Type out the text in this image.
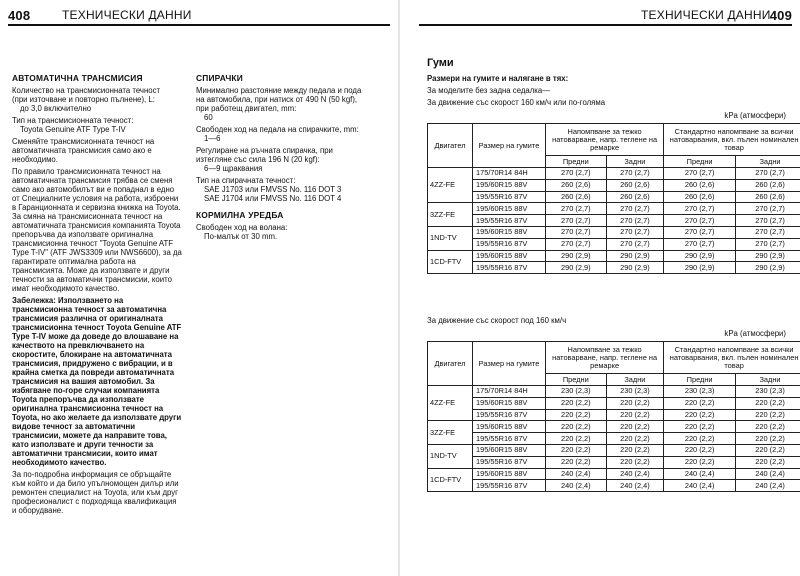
408	ТЕХНИЧЕСКИ ДАННИ
АВТОМАТИЧНА ТРАНСМИСИЯ

Количество на трансмисионната течност
(при източване и повторно пълнене), L:
до 3,0 включително

Тип на трансмисионната течност:
Toyota Genuine ATF Type T-IV

Сменяйте трансмисионната течност на автоматичната трансмисия само ако е необходимо.

По правило трансмисионната течност на автоматичната трансмисия трябва се сменя само ако автомобилът ви е попаднал в едно от Специалните условия на работа, изброени в Гаранционната и сервизна книжка на Toyota. За смяна на трансмисионната течност на автоматичната трансмисия компанията Toyota препоръчва да използвате оригинална трансмисионна течност "Toyota Genuine ATF Type T-IV" (ATF JWS3309 или NWS6600), за да гарантирате оптимална работа на трансмисията. Може да използвате и други течности за автоматични трансмисии, които имат необходимото качество.

Забележка: Използването на трансмисионна течност за автоматична трансмисия различна от оригиналната трансмисионна течност Toyota Genuine ATF Type T-IV може да доведе до влошаване на качеството на превключването на скоростите, блокиране на автоматичната трансмисия, придружено с вибрации, и в крайна сметка да повреди автоматичната трансмисия на вашия автомобил. За избягване по-горе случаи компанията Toyota препоръчва да използвате оригинална трансмисионна течност на Toyota, но ако желаете да използвате други видове течност за автоматични трансмисии, можете да направите това, като използвате и други течности за автоматични трансмисии, които имат необходимото качество.

За по-подробна информация се обръщайте към който и да било упълномощен дилър или ремонтен специалист на Toyota, или към друг професионалист с подходяща квалификация и оборудване.

СПИРАЧКИ

Минимално разстояние между педала и пода на автомобила, при натиск от 490 N (50 kgf), при работещ двигател, mm:
60

Свободен ход на педала на спирачките, mm:
1—6

Регулиране на ръчната спирачка, при изтегляне със сила 196 N (20 kgf):
6—9 щраквания

Тип на спирачната течност:
SAE J1703 или FMVSS No. 116 DOT 3
SAE J1704 или FMVSS No. 116 DOT 4

КОРМИЛНА УРЕДБА

Свободен ход на волана:
По-малък от 30 mm.

ТЕХНИЧЕСКИ ДАННИ 409
Гуми
Размери на гумите и налягане в тях:
За моделите без задна седалка—
За движение със скорост 160 км/ч или по-голяма
kPa (атмосфери)
Двигател	Размер на гумите	Напомпване за тежко натоварване, напр. теглене на ремарке		Стандартно напомпване за всички натоварвания, вкл. пълен номинален товар	
		Предни	Задни	Предни	Задни
4ZZ-FE	175/70R14 84H	270 (2,7)	270 (2,7)	270 (2,7)	270 (2,7)
	195/60R15 88V	260 (2,6)	260 (2,6)	260 (2,6)	260 (2,6)
	195/55R16 87V	260 (2,6)	260 (2,6)	260 (2,6)	260 (2,6)
3ZZ-FE	195/60R15 88V	270 (2,7)	270 (2,7)	270 (2,7)	270 (2,7)
	195/55R16 87V	270 (2,7)	270 (2,7)	270 (2,7)	270 (2,7)
1ND-TV	195/60R15 88V	270 (2,7)	270 (2,7)	270 (2,7)	270 (2,7)
	195/55R16 87V	270 (2,7)	270 (2,7)	270 (2,7)	270 (2,7)
1CD-FTV	195/60R15 88V	290 (2,9)	290 (2,9)	290 (2,9)	290 (2,9)
	195/55R16 87V	290 (2,9)	290 (2,9)	290 (2,9)	290 (2,9)
За движение със скорост под 160 км/ч
kPa (атмосфери)
Двигател	Размер на гумите	Напомпване за тежко натоварване, напр. теглене на ремарке		Стандартно напомпване за всички натоварвания, вкл. пълен номинален товар	
		Предни	Задни	Предни	Задни
4ZZ-FE	175/70R14 84H	230 (2,3)	230 (2,3)	230 (2,3)	230 (2,3)
	195/60R15 88V	220 (2,2)	220 (2,2)	220 (2,2)	220 (2,2)
	195/55R16 87V	220 (2,2)	220 (2,2)	220 (2,2)	220 (2,2)
3ZZ-FE	195/60R15 88V	220 (2,2)	220 (2,2)	220 (2,2)	220 (2,2)
	195/55R16 87V	220 (2,2)	220 (2,2)	220 (2,2)	220 (2,2)
1ND-TV	195/60R15 88V	220 (2,2)	220 (2,2)	220 (2,2)	220 (2,2)
	195/55R16 87V	220 (2,2)	220 (2,2)	220 (2,2)	220 (2,2)
1CD-FTV	195/60R15 88V	240 (2,4)	240 (2,4)	240 (2,4)	240 (2,4)
	195/55R16 87V	240 (2,4)	240 (2,4)	240 (2,4)	240 (2,4)
